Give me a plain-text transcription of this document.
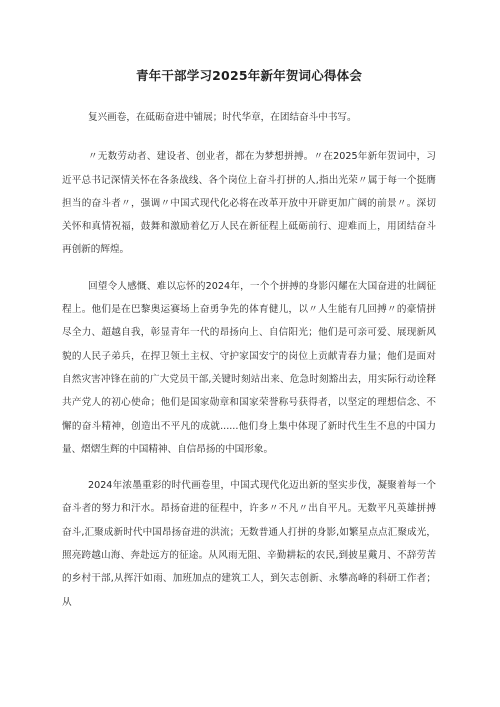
青年干部学习2025年新年贺词心得体会

复兴画卷，在砥砺奋进中铺展；时代华章，在团结奋斗中书写。

〃无数劳动者、建设者、创业者，都在为梦想拼搏。〃在2025年新年贺词中，习近平总书记深情关怀在各条战线、各个岗位上奋斗打拼的人,指出光荣〃属于每一个挺膺担当的奋斗者〃，强调〃中国式现代化必将在改革开放中开辟更加广阔的前景〃。深切关怀和真情祝福，鼓舞和激励着亿万人民在新征程上砥砺前行、迎难而上，用团结奋斗再创新的辉煌。

回望令人感慨、难以忘怀的2024年，一个个拼搏的身影闪耀在大国奋进的壮阔征程上。他们是在巴黎奥运赛场上奋勇争先的体育健儿，以〃人生能有几回搏〃的豪情拼尽全力、超越自我，彰显青年一代的昂扬向上、自信阳光；他们是可亲可爱、展现新风貌的人民子弟兵，在捍卫领土主权、守护家国安宁的岗位上贡献青春力量；他们是面对自然灾害冲锋在前的广大党员干部,关键时刻站出来、危急时刻豁出去，用实际行动诠释共产党人的初心使命；他们是国家勋章和国家荣誉称号获得者，以坚定的理想信念、不懈的奋斗精神，创造出不平凡的成就......他们身上集中体现了新时代生生不息的中国力量、熠熠生辉的中国精神、自信昂扬的中国形象。

2024年浓墨重彩的时代画卷里，中国式现代化迈出新的坚实步伐，凝聚着每一个奋斗者的努力和汗水。昂扬奋进的征程中，许多〃不凡〃出自平凡。无数平凡英雄拼搏奋斗,汇聚成新时代中国昂扬奋进的洪流；无数普通人打拼的身影,如繁星点点汇聚成光，照亮跨越山海、奔赴远方的征途。从风雨无阻、辛勤耕耘的农民,到披星戴月、不辞劳苦的乡村干部,从挥汗如雨、加班加点的建筑工人，到矢志创新、永攀高峰的科研工作者；从
